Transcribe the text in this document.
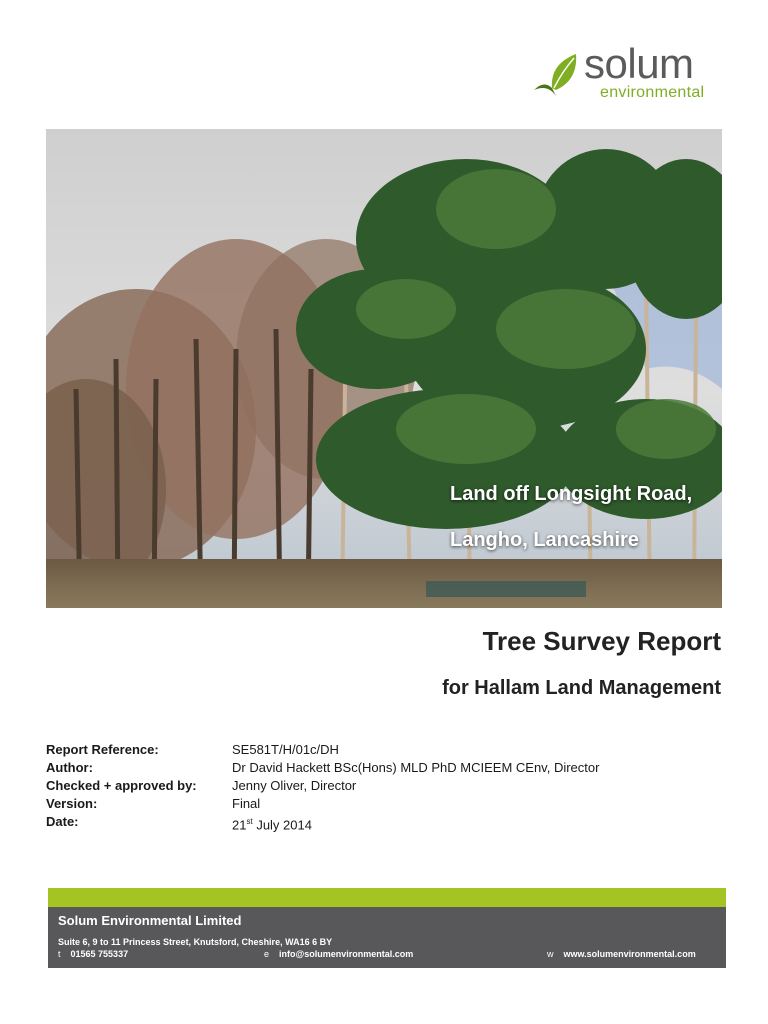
solum
environmental
Land off Longsight Road,
Langho, Lancashire
Tree Survey Report
for Hallam Land Management
Report Reference:	SE581T/H/01c/DH
Author:	Dr David Hackett BSc(Hons) MLD PhD MCIEEM CEnv, Director
Checked + approved by:	Jenny Oliver, Director
Version:	Final
Date:	21st July 2014
Solum Environmental Limited
Suite 6, 9 to 11 Princess Street, Knutsford, Cheshire, WA16 6 BY
t 01565 755337	e info@solumenvironmental.com	w www.solumenvironmental.com
